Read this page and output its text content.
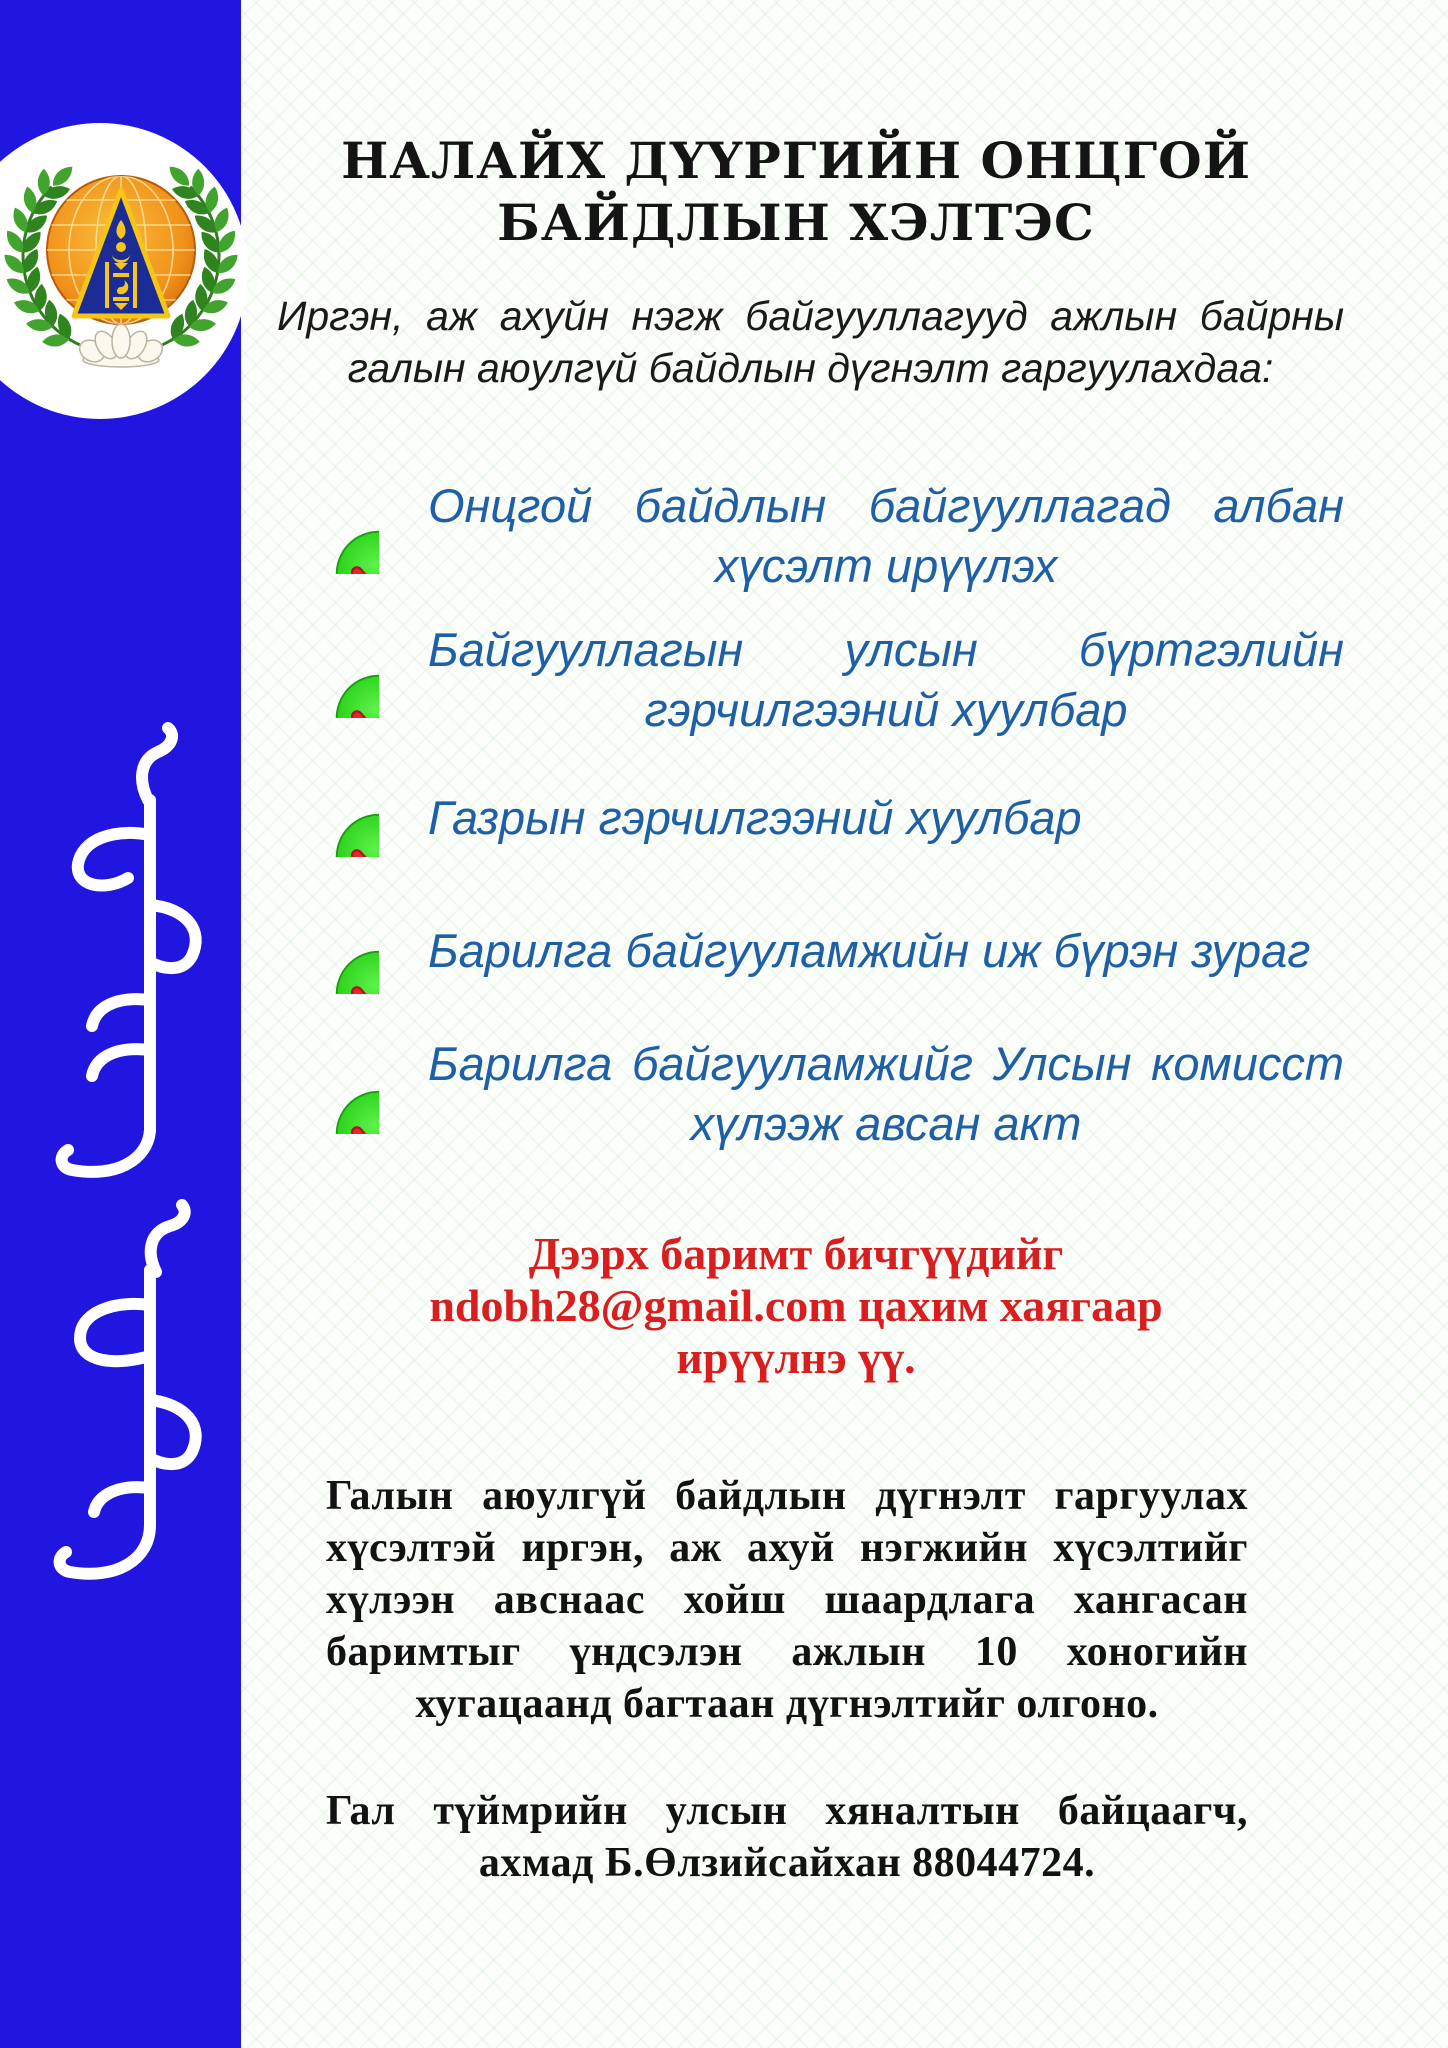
НАЛАЙХ ДҮҮРГИЙН ОНЦГОЙ
БАЙДЛЫН ХЭЛТЭС
Иргэн, аж ахуйн нэгж байгууллагууд ажлын байрны
галын аюулгүй байдлын дүгнэлт гаргуулахдаа:
Онцгой байдлын байгууллагад албан
хүсэлт ирүүлэх
Байгууллагын улсын бүртгэлийн
гэрчилгээний хуулбар
Газрын гэрчилгээний хуулбар
Барилга байгууламжийн иж бүрэн зураг
Барилга байгууламжийг Улсын комисст
хүлээж авсан акт
Дээрх баримт бичгүүдийг
ndobh28@gmail.com цахим хаягаар
ирүүлнэ үү.
Галын аюулгүй байдлын дүгнэлт гаргуулах
хүсэлтэй иргэн, аж ахуй нэгжийн хүсэлтийг
хүлээн авснаас хойш шаардлага хангасан
баримтыг үндсэлэн ажлын 10 хоногийн
хугацаанд багтаан дүгнэлтийг олгоно.
Гал түймрийн улсын хяналтын байцаагч,
ахмад Б.Өлзийсайхан 88044724.
